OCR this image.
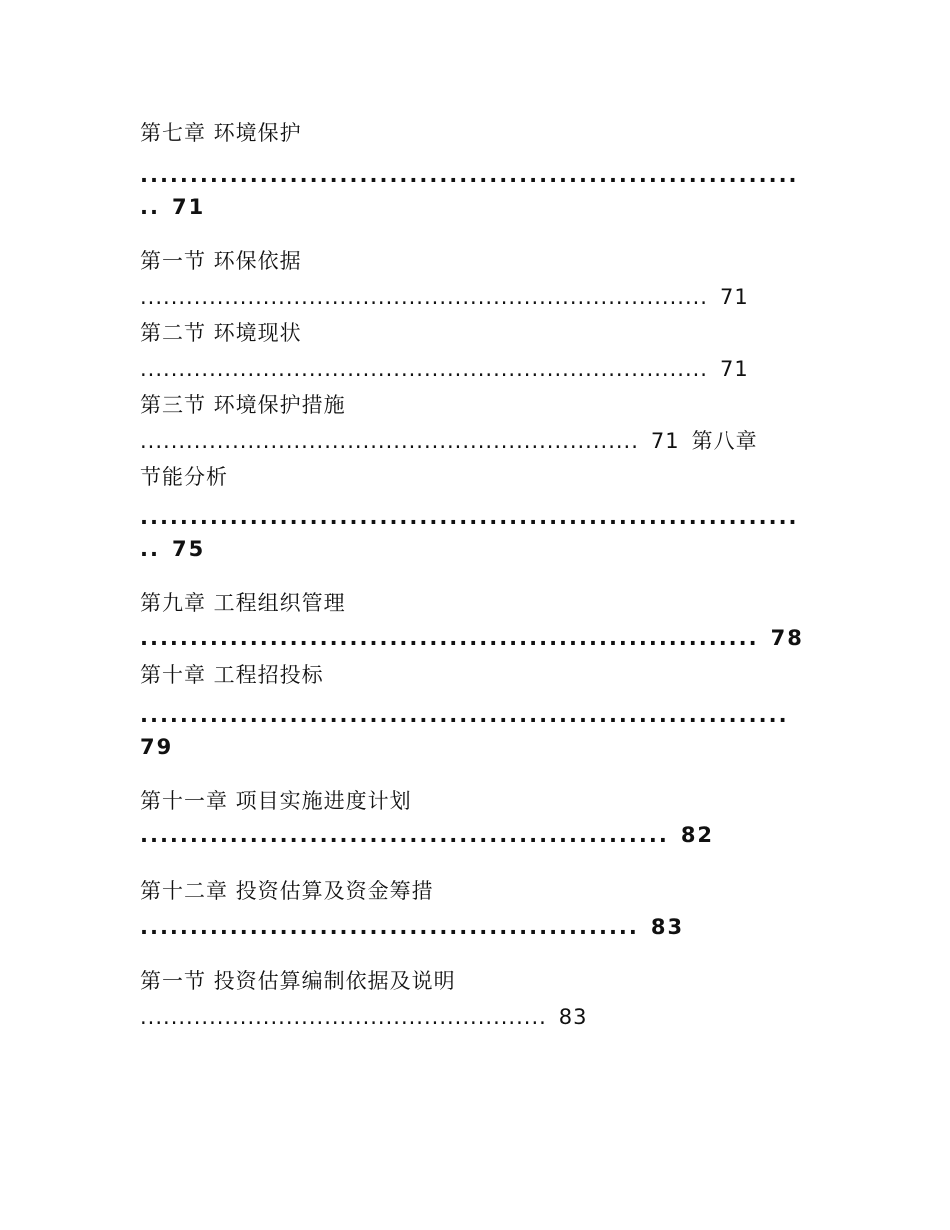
第七章 环境保护
..................................................................
.. 71
第一节 环保依据
.......................................................................... 71
第二节 环境现状
.......................................................................... 71
第三节 环境保护措施
................................................................. 71 第八章
节能分析
..................................................................
.. 75
第九章 工程组织管理
.............................................................. 78
第十章 工程招投标
.................................................................
79
第十一章 项目实施进度计划
..................................................... 82
第十二章 投资估算及资金筹措
.................................................. 83
第一节 投资估算编制依据及说明
..................................................... 83
